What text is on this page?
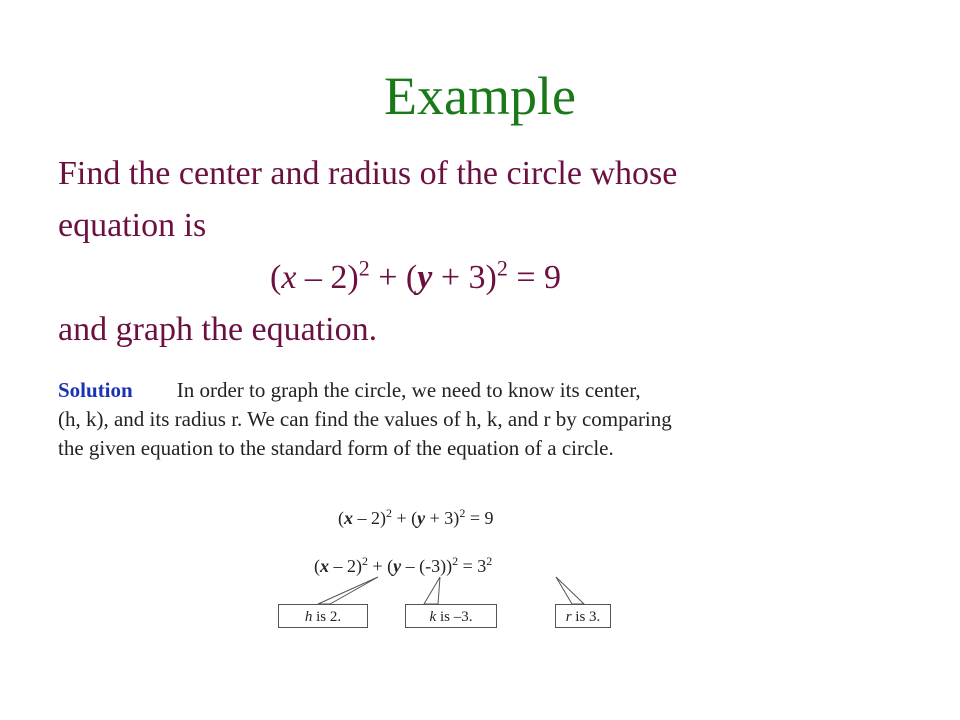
Example
Find the center and radius of the circle whose
equation is
$(x - 2)^2 + (y + 3)^2 = 9$
and graph the equation.
Solution In order to graph the circle, we need to know its center,
(h, k), and its radius r. We can find the values of h, k, and r by comparing
the given equation to the standard form of the equation of a circle.
$(x - 2)^2 + (y + 3)^2 = 9$
$(x - 2)^2 + (y - (-3))^2 = 3^2$
h is 2.	k is –3.	r is 3.
